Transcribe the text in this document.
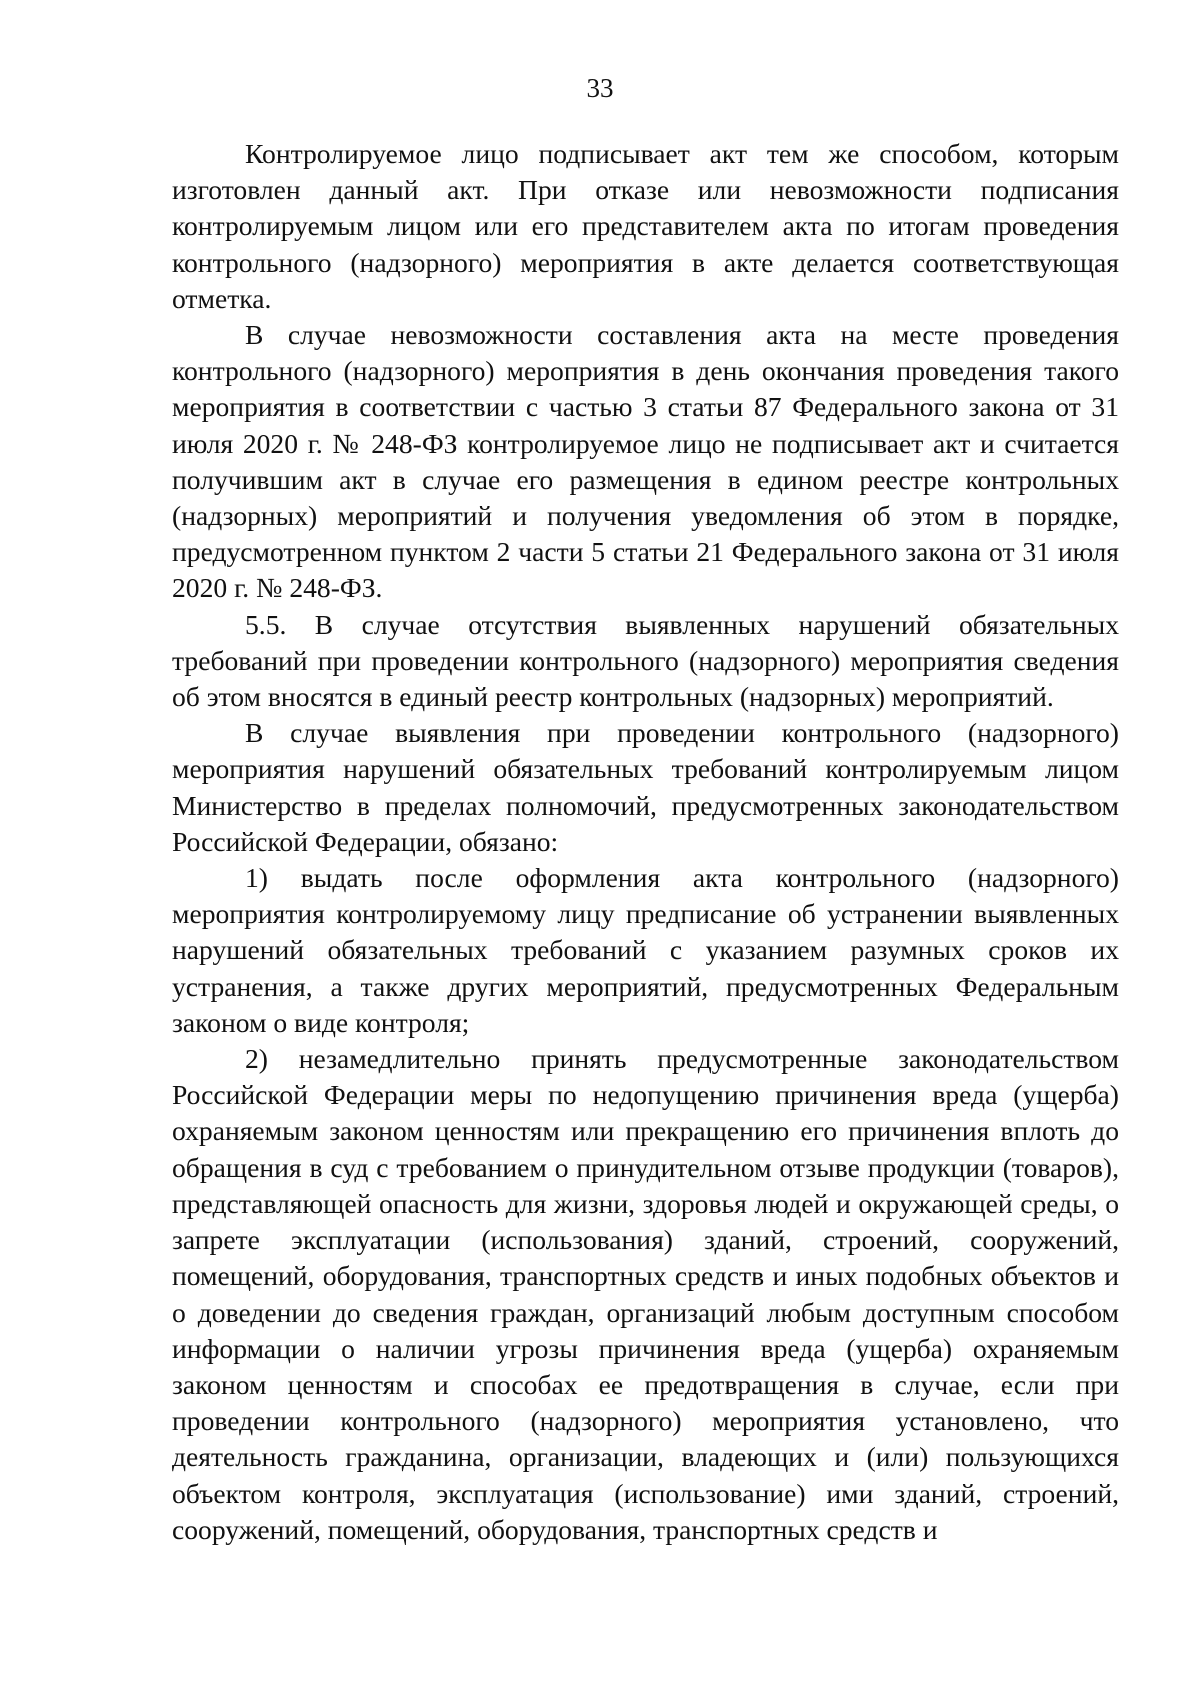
33

Контролируемое лицо подписывает акт тем же способом, которым изготовлен данный акт. При отказе или невозможности подписания контролируемым лицом или его представителем акта по итогам проведения контрольного (надзорного) мероприятия в акте делается соответствующая отметка.

В случае невозможности составления акта на месте проведения контрольного (надзорного) мероприятия в день окончания проведения такого мероприятия в соответствии с частью 3 статьи 87 Федерального закона от 31 июля 2020 г. № 248-ФЗ контролируемое лицо не подписывает акт и считается получившим акт в случае его размещения в едином реестре контрольных (надзорных) мероприятий и получения уведомления об этом в порядке, предусмотренном пунктом 2 части 5 статьи 21 Федерального закона от 31 июля 2020 г. № 248-ФЗ.

5.5. В случае отсутствия выявленных нарушений обязательных требований при проведении контрольного (надзорного) мероприятия сведения об этом вносятся в единый реестр контрольных (надзорных) мероприятий.

В случае выявления при проведении контрольного (надзорного) мероприятия нарушений обязательных требований контролируемым лицом Министерство в пределах полномочий, предусмотренных законодательством Российской Федерации, обязано:

1) выдать после оформления акта контрольного (надзорного) мероприятия контролируемому лицу предписание об устранении выявленных нарушений обязательных требований с указанием разумных сроков их устранения, а также других мероприятий, предусмотренных Федеральным законом о виде контроля;

2) незамедлительно принять предусмотренные законодательством Российской Федерации меры по недопущению причинения вреда (ущерба) охраняемым законом ценностям или прекращению его причинения вплоть до обращения в суд с требованием о принудительном отзыве продукции (товаров), представляющей опасность для жизни, здоровья людей и окружающей среды, о запрете эксплуатации (использования) зданий, строений, сооружений, помещений, оборудования, транспортных средств и иных подобных объектов и о доведении до сведения граждан, организаций любым доступным способом информации о наличии угрозы причинения вреда (ущерба) охраняемым законом ценностям и способах ее предотвращения в случае, если при проведении контрольного (надзорного) мероприятия установлено, что деятельность гражданина, организации, владеющих и (или) пользующихся объектом контроля, эксплуатация (использование) ими зданий, строений, сооружений, помещений, оборудования, транспортных средств и
